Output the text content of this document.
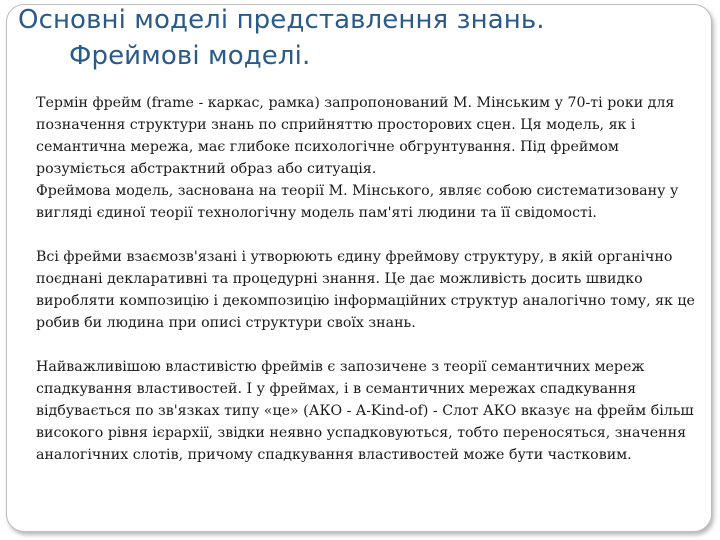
Основні моделі представлення знань.
Фреймові моделі.

Термін фрейм (frame - каркас, рамка) запропонований М. Мінським у 70-ті роки для позначення структури знань по сприйняттю просторових сцен. Ця модель, як і семантична мережа, має глибоке психологічне обгрунтування. Під фреймом розуміється абстрактний образ або ситуація.

Фреймова модель, заснована на теорії М. Мінського, являє собою систематизовану у вигляді єдиної теорії технологічну модель пам'яті людини та її свідомості.

Всі фрейми взаємозв'язані і утворюють єдину фреймову структуру, в якій органічно поєднані декларативні та процедурні знання. Це дає можливість досить швидко виробляти композицію і декомпозицію інформаційних структур аналогічно тому, як це робив би людина при описі структури своїх знань.

Найважливішою властивістю фреймів є запозичене з теорії семантичних мереж спадкування властивостей. І у фреймах, і в семантичних мережах спадкування відбувається по зв'язках типу «це» (АКО - A-Kind-of) - Слот АКО вказує на фрейм більш високого рівня ієрархії, звідки неявно успадковуються, тобто переносяться, значення аналогічних слотів, причому спадкування властивостей може бути частковим.
